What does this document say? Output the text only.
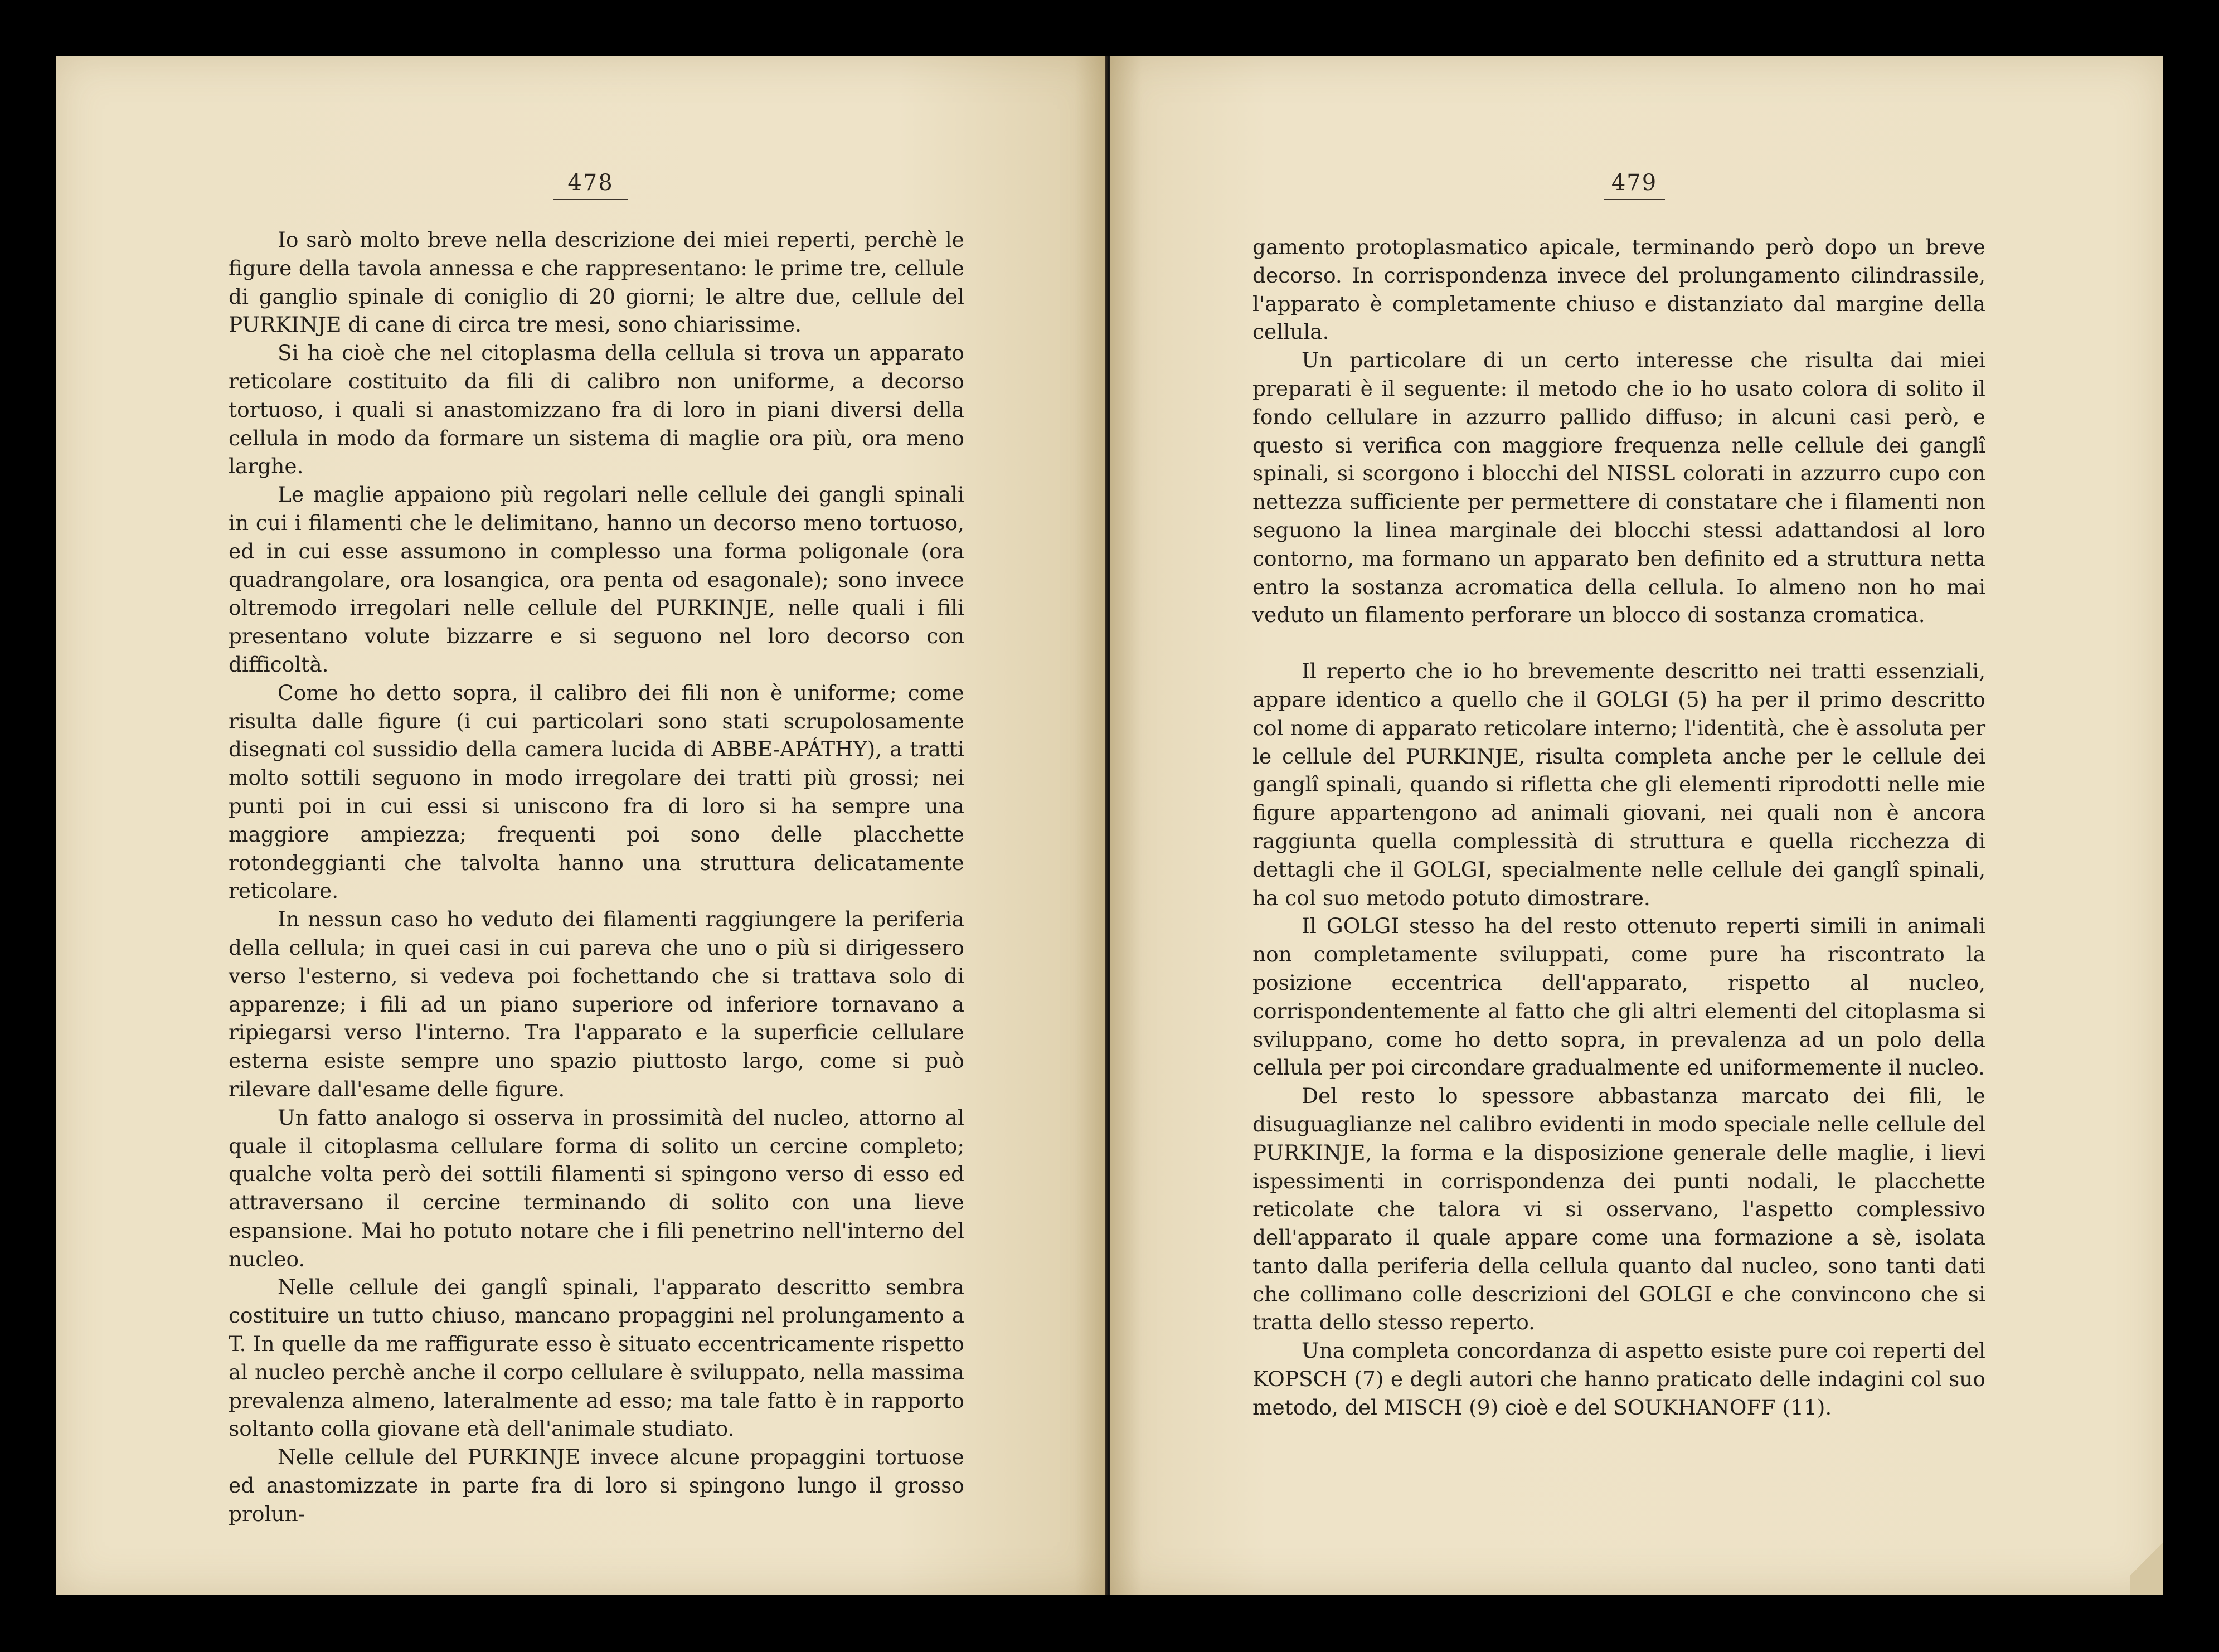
478

Io sarò molto breve nella descrizione dei miei reperti, perchè le figure della tavola annessa e che rappresentano: le prime tre, cellule di ganglio spinale di coniglio di 20 giorni; le altre due, cellule del PURKINJE di cane di circa tre mesi, sono chiarissime.

Si ha cioè che nel citoplasma della cellula si trova un apparato reticolare costituito da fili di calibro non uniforme, a decorso tortuoso, i quali si anastomizzano fra di loro in piani diversi della cellula in modo da formare un sistema di maglie ora più, ora meno larghe.

Le maglie appaiono più regolari nelle cellule dei gangli spinali in cui i filamenti che le delimitano, hanno un decorso meno tortuoso, ed in cui esse assumono in complesso una forma poligonale (ora quadrangolare, ora losangica, ora penta od esagonale); sono invece oltremodo irregolari nelle cellule del PURKINJE, nelle quali i fili presentano volute bizzarre e si seguono nel loro decorso con difficoltà.

Come ho detto sopra, il calibro dei fili non è uniforme; come risulta dalle figure (i cui particolari sono stati scrupolosamente disegnati col sussidio della camera lucida di ABBE-APÁTHY), a tratti molto sottili seguono in modo irregolare dei tratti più grossi; nei punti poi in cui essi si uniscono fra di loro si ha sempre una maggiore ampiezza; frequenti poi sono delle placchette rotondeggianti che talvolta hanno una struttura delicatamente reticolare.

In nessun caso ho veduto dei filamenti raggiungere la periferia della cellula; in quei casi in cui pareva che uno o più si dirigessero verso l'esterno, si vedeva poi fochettando che si trattava solo di apparenze; i fili ad un piano superiore od inferiore tornavano a ripiegarsi verso l'interno. Tra l'apparato e la superficie cellulare esterna esiste sempre uno spazio piuttosto largo, come si può rilevare dall'esame delle figure.

Un fatto analogo si osserva in prossimità del nucleo, attorno al quale il citoplasma cellulare forma di solito un cercine completo; qualche volta però dei sottili filamenti si spingono verso di esso ed attraversano il cercine terminando di solito con una lieve espansione. Mai ho potuto notare che i fili penetrino nell'interno del nucleo.

Nelle cellule dei ganglî spinali, l'apparato descritto sembra costituire un tutto chiuso, mancano propaggini nel prolungamento a T. In quelle da me raffigurate esso è situato eccentricamente rispetto al nucleo perchè anche il corpo cellulare è sviluppato, nella massima prevalenza almeno, lateralmente ad esso; ma tale fatto è in rapporto soltanto colla giovane età dell'animale studiato.

Nelle cellule del PURKINJE invece alcune propaggini tortuose ed anastomizzate in parte fra di loro si spingono lungo il grosso prolun-

479

gamento protoplasmatico apicale, terminando però dopo un breve decorso. In corrispondenza invece del prolungamento cilindrassile, l'apparato è completamente chiuso e distanziato dal margine della cellula.

Un particolare di un certo interesse che risulta dai miei preparati è il seguente: il metodo che io ho usato colora di solito il fondo cellulare in azzurro pallido diffuso; in alcuni casi però, e questo si verifica con maggiore frequenza nelle cellule dei ganglî spinali, si scorgono i blocchi del NISSL colorati in azzurro cupo con nettezza sufficiente per permettere di constatare che i filamenti non seguono la linea marginale dei blocchi stessi adattandosi al loro contorno, ma formano un apparato ben definito ed a struttura netta entro la sostanza acromatica della cellula. Io almeno non ho mai veduto un filamento perforare un blocco di sostanza cromatica.

Il reperto che io ho brevemente descritto nei tratti essenziali, appare identico a quello che il GOLGI (5) ha per il primo descritto col nome di apparato reticolare interno; l'identità, che è assoluta per le cellule del PURKINJE, risulta completa anche per le cellule dei ganglî spinali, quando si rifletta che gli elementi riprodotti nelle mie figure appartengono ad animali giovani, nei quali non è ancora raggiunta quella complessità di struttura e quella ricchezza di dettagli che il GOLGI, specialmente nelle cellule dei ganglî spinali, ha col suo metodo potuto dimostrare.

Il GOLGI stesso ha del resto ottenuto reperti simili in animali non completamente sviluppati, come pure ha riscontrato la posizione eccentrica dell'apparato, rispetto al nucleo, corrispondentemente al fatto che gli altri elementi del citoplasma si sviluppano, come ho detto sopra, in prevalenza ad un polo della cellula per poi circondare gradualmente ed uniformemente il nucleo.

Del resto lo spessore abbastanza marcato dei fili, le disuguaglianze nel calibro evidenti in modo speciale nelle cellule del PURKINJE, la forma e la disposizione generale delle maglie, i lievi ispessimenti in corrispondenza dei punti nodali, le placchette reticolate che talora vi si osservano, l'aspetto complessivo dell'apparato il quale appare come una formazione a sè, isolata tanto dalla periferia della cellula quanto dal nucleo, sono tanti dati che collimano colle descrizioni del GOLGI e che convincono che si tratta dello stesso reperto.

Una completa concordanza di aspetto esiste pure coi reperti del KOPSCH (7) e degli autori che hanno praticato delle indagini col suo metodo, del MISCH (9) cioè e del SOUKHANOFF (11).
